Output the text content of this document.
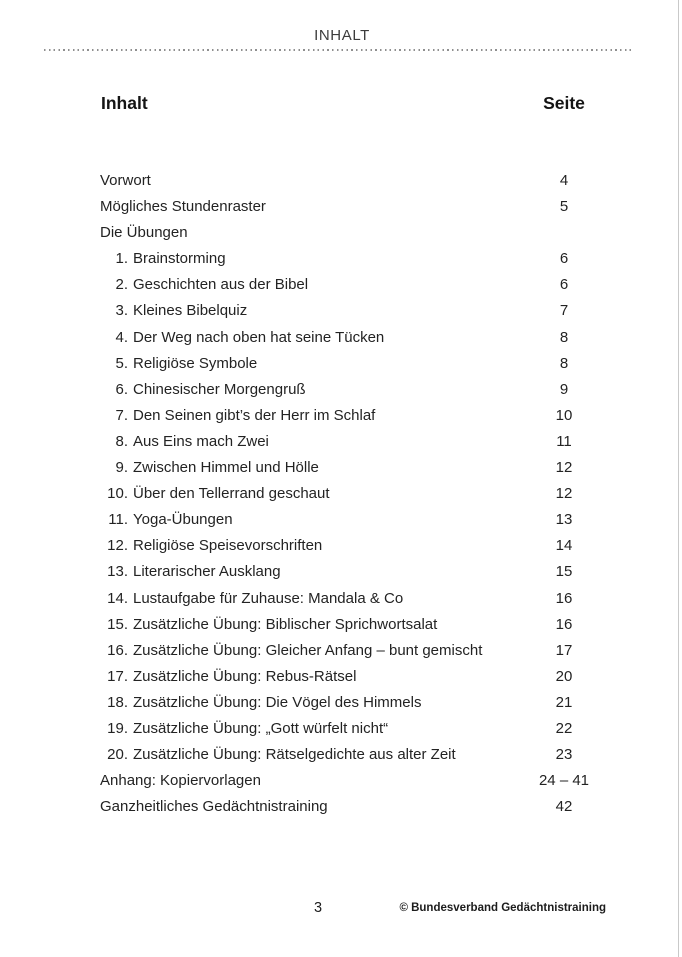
INHALT
Inhalt	Seite
Vorwort	4
Mögliches Stundenraster	5
Die Übungen
1. Brainstorming	6
2. Geschichten aus der Bibel	6
3. Kleines Bibelquiz	7
4. Der Weg nach oben hat seine Tücken	8
5. Religiöse Symbole	8
6. Chinesischer Morgengruß	9
7. Den Seinen gibt’s der Herr im Schlaf	10
8. Aus Eins mach Zwei	11
9. Zwischen Himmel und Hölle	12
10. Über den Tellerrand geschaut	12
11. Yoga-Übungen	13
12. Religiöse Speisevorschriften	14
13. Literarischer Ausklang	15
14. Lustaufgabe für Zuhause: Mandala & Co	16
15. Zusätzliche Übung: Biblischer Sprichwortsalat	16
16. Zusätzliche Übung: Gleicher Anfang – bunt gemischt	17
17. Zusätzliche Übung: Rebus-Rätsel	20
18. Zusätzliche Übung: Die Vögel des Himmels	21
19. Zusätzliche Übung: „Gott würfelt nicht“	22
20. Zusätzliche Übung: Rätselgedichte aus alter Zeit	23
Anhang: Kopiervorlagen	24 – 41
Ganzheitliches Gedächtnistraining	42
3	© Bundesverband Gedächtnistraining
